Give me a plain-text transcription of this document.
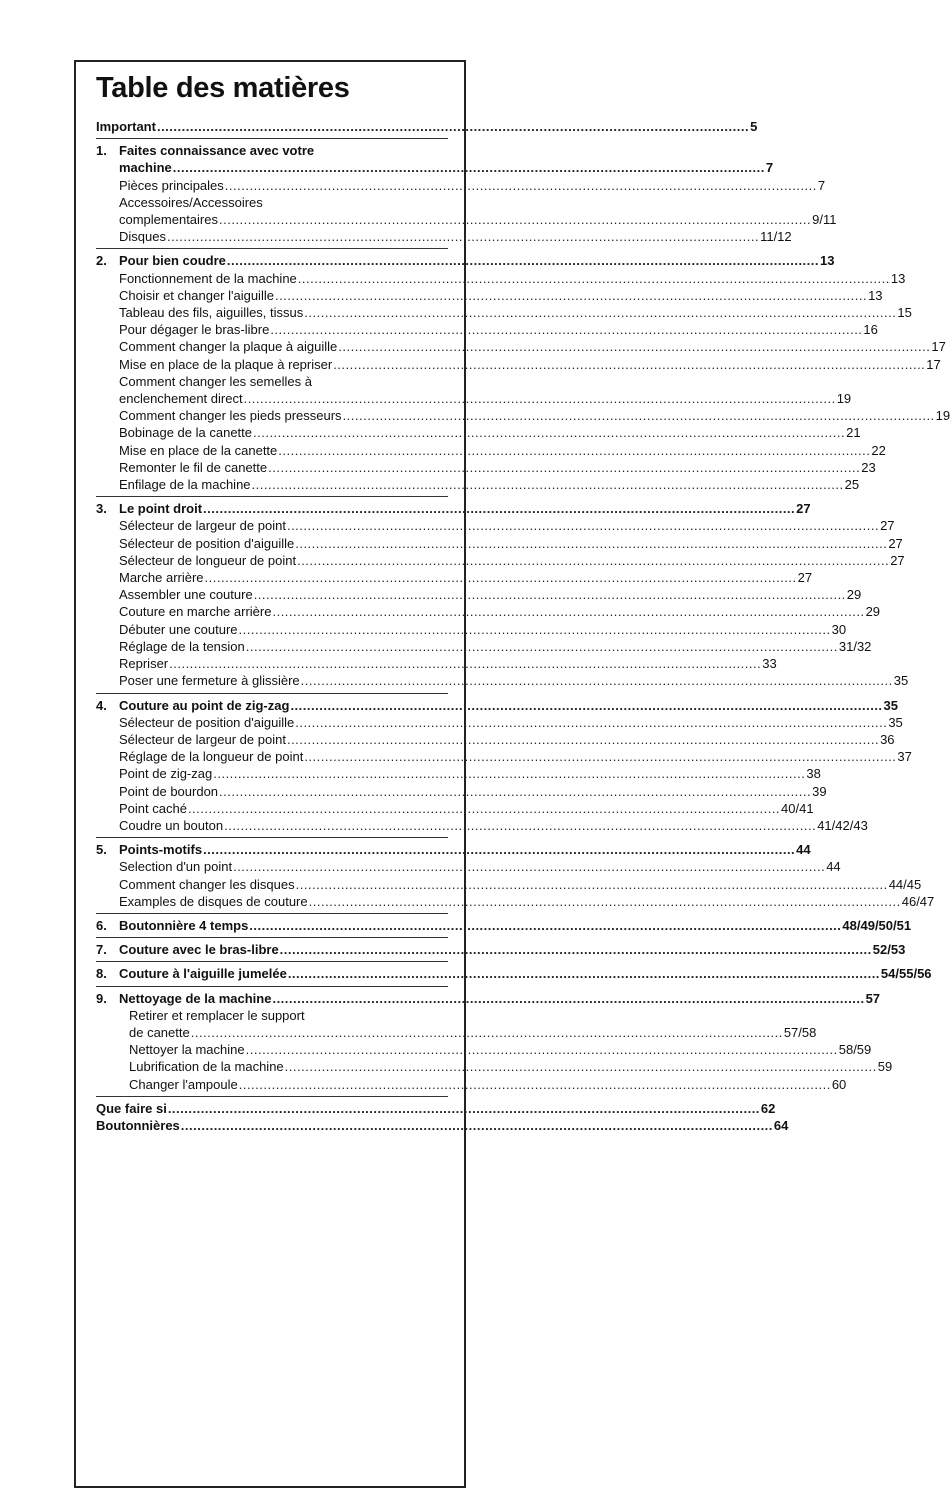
Table des matières
Important .....	5
1. Faites connaissance avec votre
machine .....	7
Pièces principales .....	7
Accessoires/Accessoires
complementaires .....	9/11
Disques .....	11/12
2. Pour bien coudre .....	13
Fonctionnement de la machine .....	13
Choisir et changer l'aiguille .....	13
Tableau des fils, aiguilles, tissus .....	15
Pour dégager le bras-libre .....	16
Comment changer la plaque à aiguille .....	17
Mise en place de la plaque à repriser .....	17
Comment changer les semelles à
enclenchement direct .....	19
Comment changer les pieds presseurs .....	19
Bobinage de la canette .....	21
Mise en place de la canette .....	22
Remonter le fil de canette .....	23
Enfilage de la machine .....	25
3. Le point droit .....	27
Sélecteur de largeur de point .....	27
Sélecteur de position d'aiguille .....	27
Sélecteur de longueur de point .....	27
Marche arrière .....	27
Assembler une couture .....	29
Couture en marche arrière .....	29
Débuter une couture .....	30
Réglage de la tension .....	31/32
Repriser .....	33
Poser une fermeture à glissière .....	35
4. Couture au point de zig-zag .....	35
Sélecteur de position d'aiguille .....	35
Sélecteur de largeur de point .....	36
Réglage de la longueur de point .....	37
Point de zig-zag .....	38
Point de bourdon .....	39
Point caché .....	40/41
Coudre un bouton .....	41/42/43
5. Points-motifs .....	44
Selection d'un point .....	44
Comment changer les disques .....	44/45
Examples de disques de couture .....	46/47
6. Boutonnière 4 temps .....	48/49/50/51
7. Couture avec le bras-libre .....	52/53
8. Couture à l'aiguille jumelée .....	54/55/56
9. Nettoyage de la machine .....	57
Retirer et remplacer le support
de canette .....	57/58
Nettoyer la machine .....	58/59
Lubrification de la machine .....	59
Changer l'ampoule .....	60
Que faire si .....	62
Boutonnières .....	64
